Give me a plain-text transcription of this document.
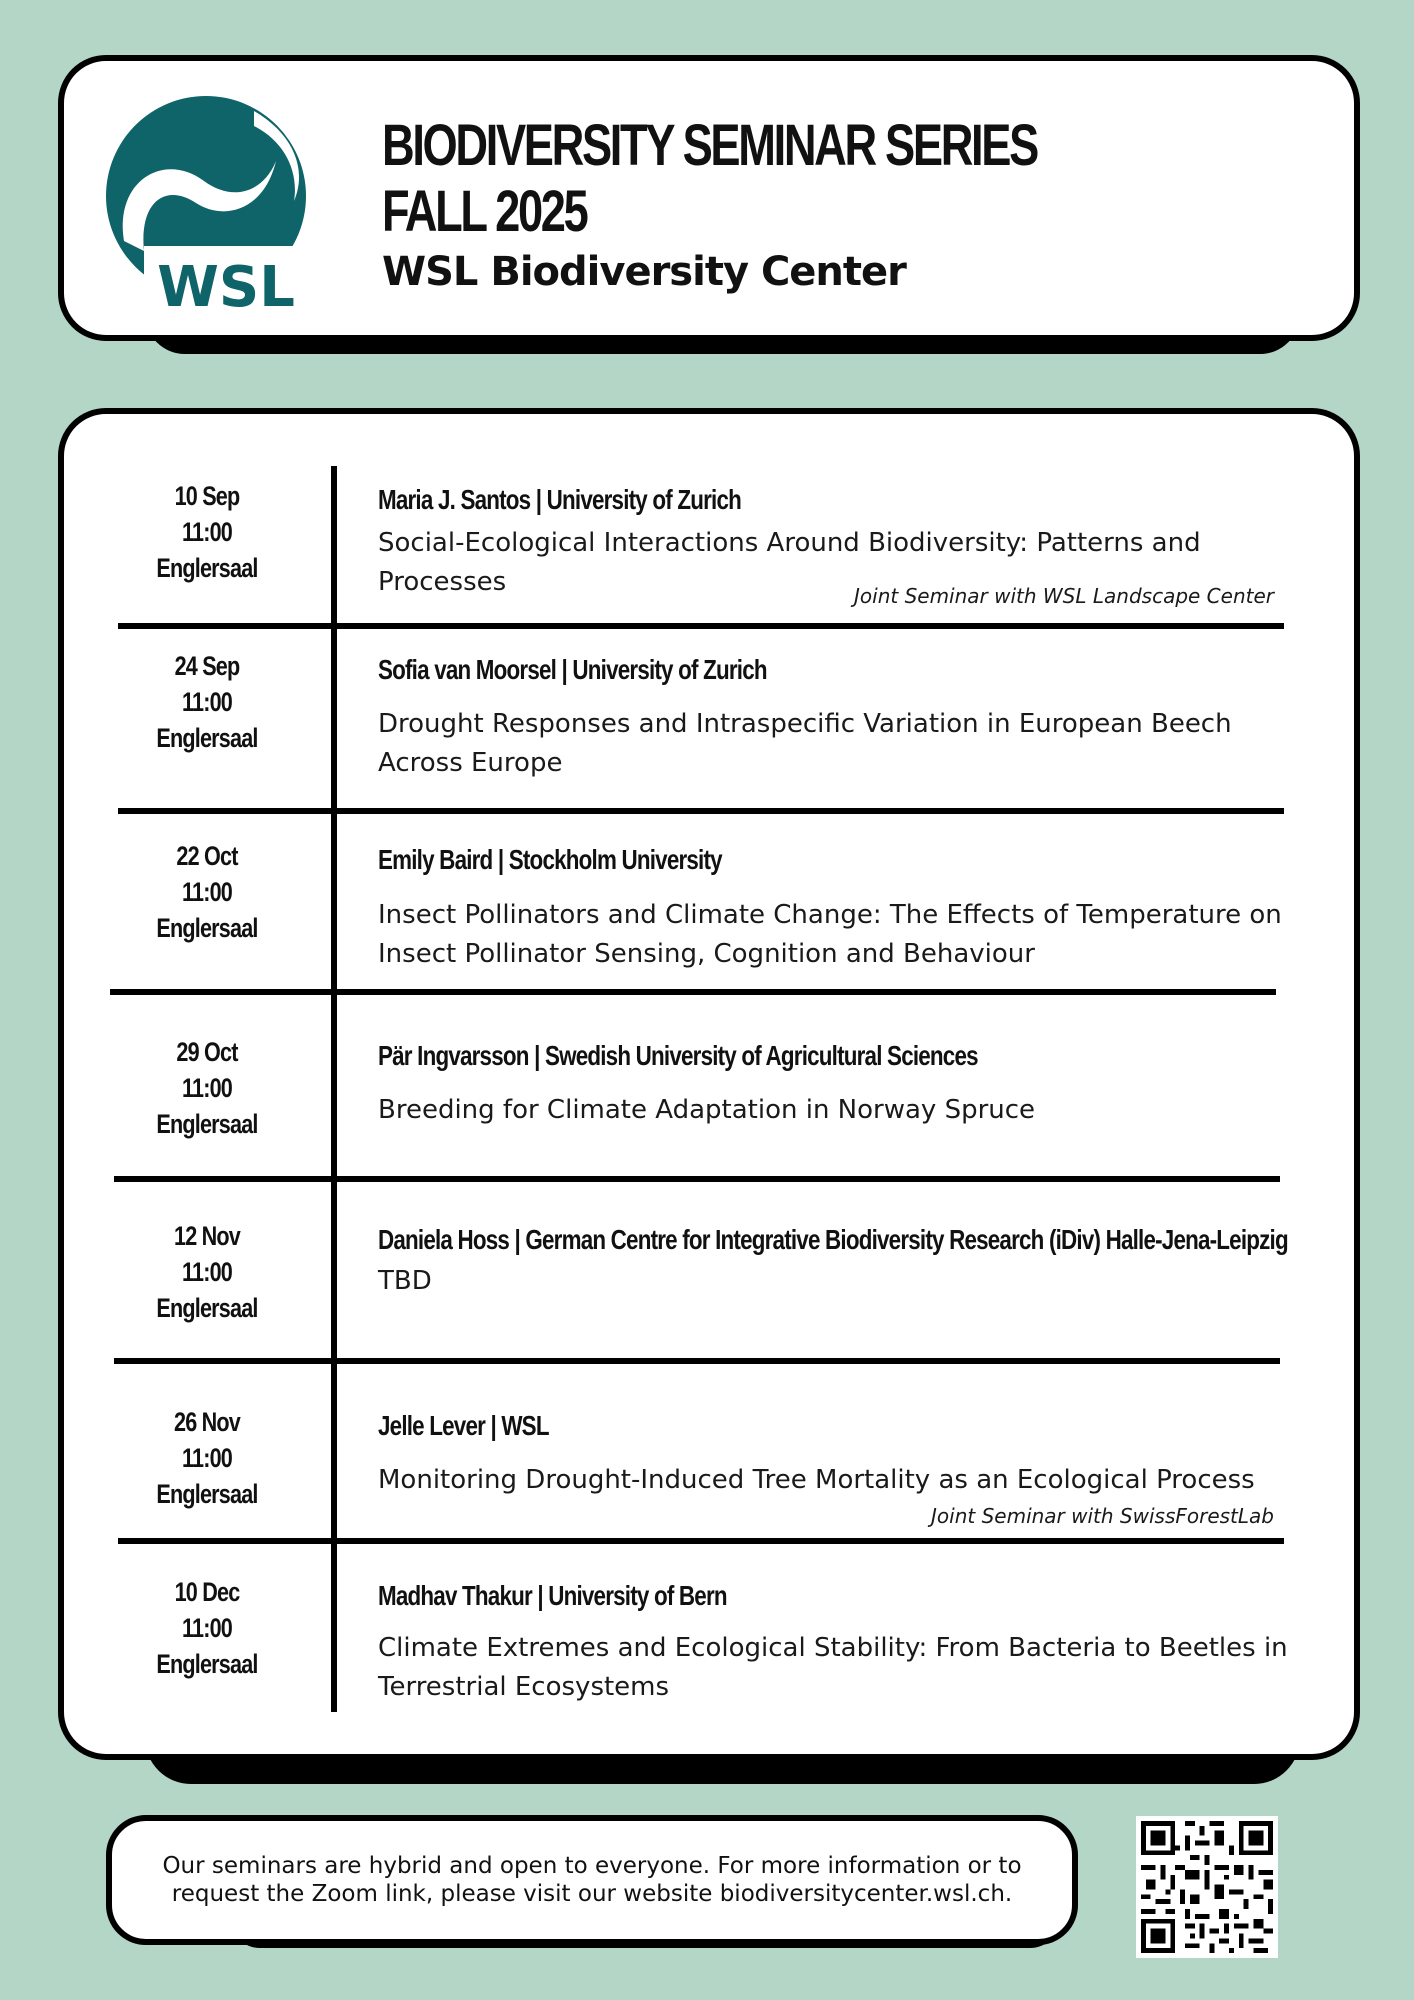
WSL
BIODIVERSITY SEMINAR SERIES
FALL 2025
WSL Biodiversity Center
10 Sep
11:00
Englersaal

Maria J. Santos | University of Zurich

Social-Ecological Interactions Around Biodiversity: Patterns and Processes	Joint Seminar with WSL Landscape Center

24 Sep
11:00
Englersaal

Sofia van Moorsel | University of Zurich

Drought Responses and Intraspecific Variation in European Beech Across Europe

22 Oct
11:00
Englersaal

Emily Baird | Stockholm University

Insect Pollinators and Climate Change: The Effects of Temperature on Insect Pollinator Sensing, Cognition and Behaviour

29 Oct
11:00
Englersaal

Pär Ingvarsson | Swedish University of Agricultural Sciences

Breeding for Climate Adaptation in Norway Spruce

12 Nov
11:00
Englersaal

Daniela Hoss | German Centre for Integrative Biodiversity Research (iDiv) Halle-Jena-Leipzig

TBD

26 Nov
11:00
Englersaal

Jelle Lever | WSL

Monitoring Drought-Induced Tree Mortality as an Ecological Process

Joint Seminar with SwissForestLab

10 Dec
11:00
Englersaal

Madhav Thakur | University of Bern

Climate Extremes and Ecological Stability: From Bacteria to Beetles in Terrestrial Ecosystems

Our seminars are hybrid and open to everyone. For more information or to request the Zoom link, please visit our website biodiversitycenter.wsl.ch.
